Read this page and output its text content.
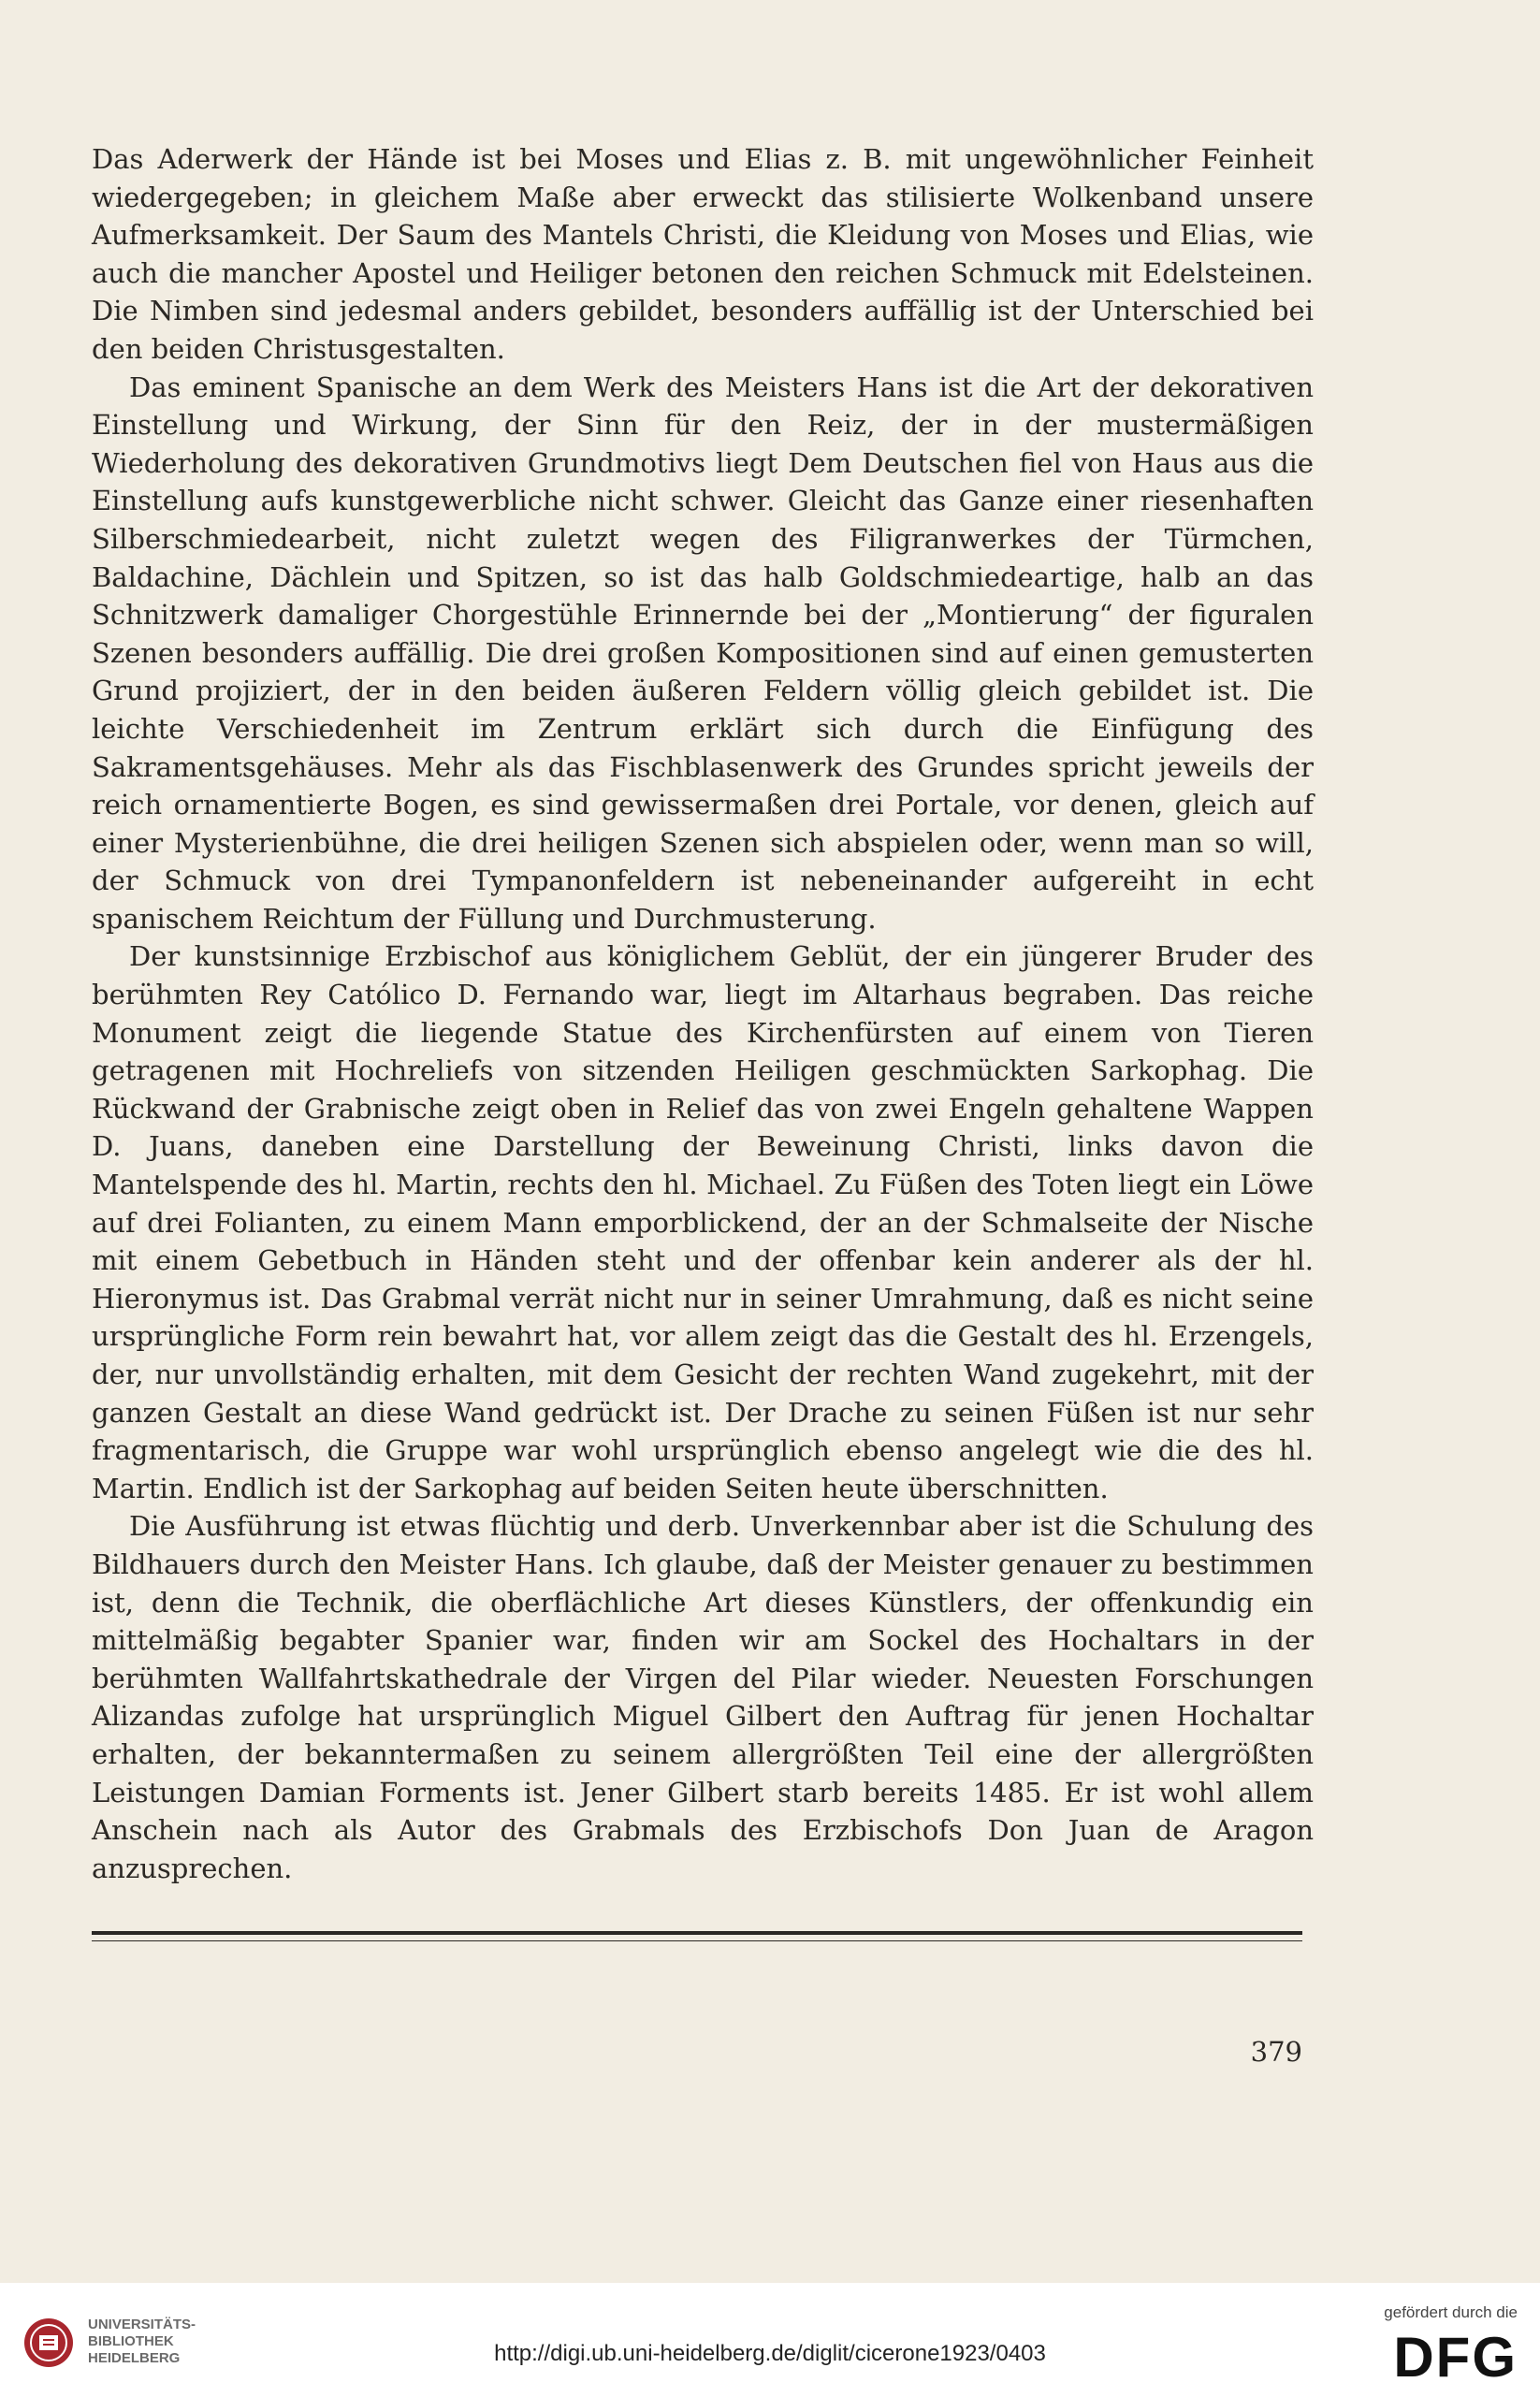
Das Aderwerk der Hände ist bei Moses und Elias z. B. mit ungewöhnlicher Feinheit wiedergegeben; in gleichem Maße aber erweckt das stilisierte Wolkenband unsere Aufmerksamkeit. Der Saum des Mantels Christi, die Kleidung von Moses und Elias, wie auch die mancher Apostel und Heiliger betonen den reichen Schmuck mit Edelsteinen. Die Nimben sind jedesmal anders gebildet, besonders auffällig ist der Unterschied bei den beiden Christusgestalten.

Das eminent Spanische an dem Werk des Meisters Hans ist die Art der dekorativen Einstellung und Wirkung, der Sinn für den Reiz, der in der mustermäßigen Wiederholung des dekorativen Grundmotivs liegt Dem Deutschen fiel von Haus aus die Einstellung aufs kunstgewerbliche nicht schwer. Gleicht das Ganze einer riesenhaften Silberschmiedearbeit, nicht zuletzt wegen des Filigranwerkes der Türmchen, Baldachine, Dächlein und Spitzen, so ist das halb Goldschmiedeartige, halb an das Schnitzwerk damaliger Chorgestühle Erinnernde bei der „Montierung“ der figuralen Szenen besonders auffällig. Die drei großen Kompositionen sind auf einen gemusterten Grund projiziert, der in den beiden äußeren Feldern völlig gleich gebildet ist. Die leichte Verschiedenheit im Zentrum erklärt sich durch die Einfügung des Sakramentsgehäuses. Mehr als das Fischblasenwerk des Grundes spricht jeweils der reich ornamentierte Bogen, es sind gewissermaßen drei Portale, vor denen, gleich auf einer Mysterienbühne, die drei heiligen Szenen sich abspielen oder, wenn man so will, der Schmuck von drei Tympanonfeldern ist nebeneinander aufgereiht in echt spanischem Reichtum der Füllung und Durchmusterung.

Der kunstsinnige Erzbischof aus königlichem Geblüt, der ein jüngerer Bruder des berühmten Rey Católico D. Fernando war, liegt im Altarhaus begraben. Das reiche Monument zeigt die liegende Statue des Kirchenfürsten auf einem von Tieren getragenen mit Hochreliefs von sitzenden Heiligen geschmückten Sarkophag. Die Rückwand der Grabnische zeigt oben in Relief das von zwei Engeln gehaltene Wappen D. Juans, daneben eine Darstellung der Beweinung Christi, links davon die Mantelspende des hl. Martin, rechts den hl. Michael. Zu Füßen des Toten liegt ein Löwe auf drei Folianten, zu einem Mann emporblickend, der an der Schmalseite der Nische mit einem Gebetbuch in Händen steht und der offenbar kein anderer als der hl. Hieronymus ist. Das Grabmal verrät nicht nur in seiner Umrahmung, daß es nicht seine ursprüngliche Form rein bewahrt hat, vor allem zeigt das die Gestalt des hl. Erzengels, der, nur unvollständig erhalten, mit dem Gesicht der rechten Wand zugekehrt, mit der ganzen Gestalt an diese Wand gedrückt ist. Der Drache zu seinen Füßen ist nur sehr fragmentarisch, die Gruppe war wohl ursprünglich ebenso angelegt wie die des hl. Martin. Endlich ist der Sarkophag auf beiden Seiten heute überschnitten.

Die Ausführung ist etwas flüchtig und derb. Unverkennbar aber ist die Schulung des Bildhauers durch den Meister Hans. Ich glaube, daß der Meister genauer zu bestimmen ist, denn die Technik, die oberflächliche Art dieses Künstlers, der offenkundig ein mittelmäßig begabter Spanier war, finden wir am Sockel des Hochaltars in der berühmten Wallfahrtskathedrale der Virgen del Pilar wieder. Neuesten Forschungen Alizandas zufolge hat ursprünglich Miguel Gilbert den Auftrag für jenen Hochaltar erhalten, der bekanntermaßen zu seinem allergrößten Teil eine der allergrößten Leistungen Damian Forments ist. Jener Gilbert starb bereits 1485. Er ist wohl allem Anschein nach als Autor des Grabmals des Erzbischofs Don Juan de Aragon anzusprechen.

379
UNIVERSITÄTS-
BIBLIOTHEK
HEIDELBERG	http://digi.ub.uni-heidelberg.de/diglit/cicerone1923/0403
gefördert durch die
DFG
